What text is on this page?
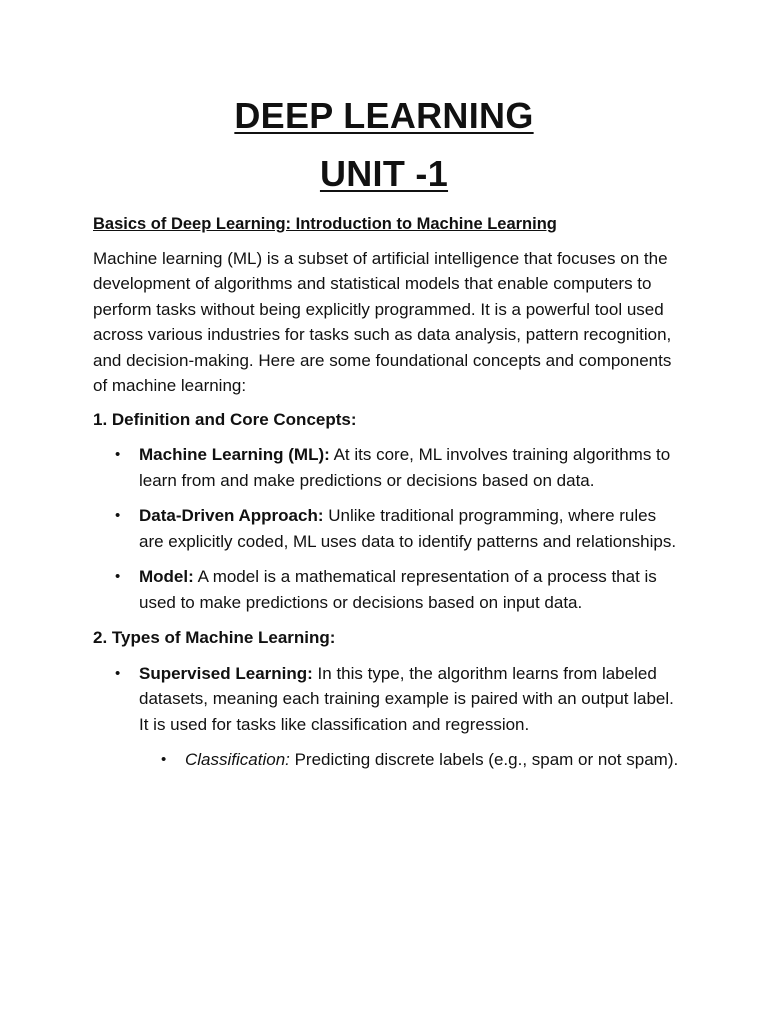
DEEP LEARNING
UNIT -1
Basics of Deep Learning: Introduction to Machine Learning
Machine learning (ML) is a subset of artificial intelligence that focuses on the development of algorithms and statistical models that enable computers to perform tasks without being explicitly programmed. It is a powerful tool used across various industries for tasks such as data analysis, pattern recognition, and decision-making. Here are some foundational concepts and components of machine learning:
1. Definition and Core Concepts:
• Machine Learning (ML): At its core, ML involves training algorithms to learn from and make predictions or decisions based on data.
• Data-Driven Approach: Unlike traditional programming, where rules are explicitly coded, ML uses data to identify patterns and relationships.
• Model: A model is a mathematical representation of a process that is used to make predictions or decisions based on input data.
2. Types of Machine Learning:
• Supervised Learning: In this type, the algorithm learns from labeled datasets, meaning each training example is paired with an output label. It is used for tasks like classification and regression.
• Classification: Predicting discrete labels (e.g., spam or not spam).
